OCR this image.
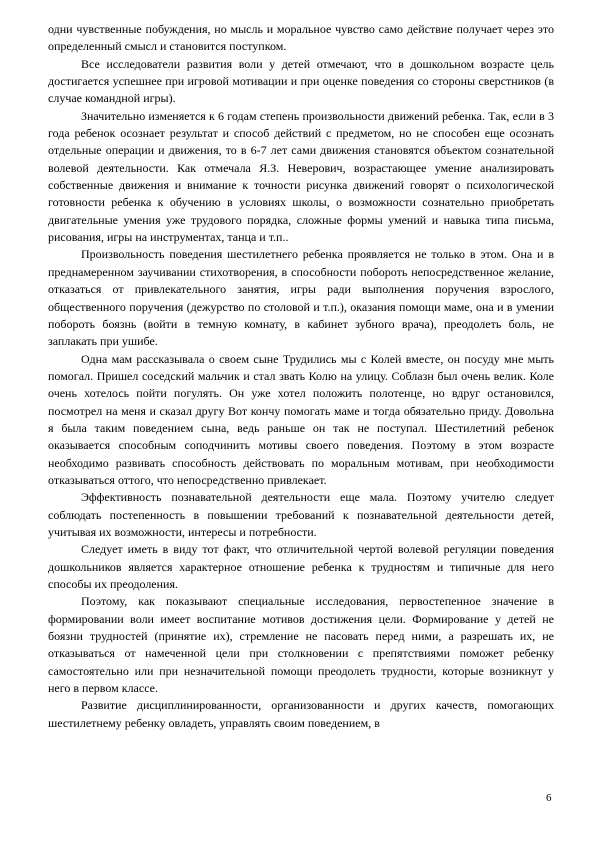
одни чувственные побуждения, но мысль и моральное чувство само действие получает через это определенный смысл и становится поступком.

Все исследователи развития воли у детей отмечают, что в дошкольном возрасте цель достигается успешнее при игровой мотивации и при оценке поведения со стороны сверстников (в случае командной игры).

Значительно изменяется к 6 годам степень произвольности движений ребенка. Так, если в 3 года ребенок осознает результат и способ действий с предметом, но не способен еще осознать отдельные операции и движения, то в 6-7 лет сами движения становятся объектом сознательной волевой деятельности. Как отмечала Я.З. Неверович, возрастающее умение анализировать собственные движения и внимание к точности рисунка движений говорят о психологической готовности ребенка к обучению в условиях школы, о возможности сознательно приобретать двигательные умения уже трудового порядка, сложные формы умений и навыка типа письма, рисования, игры на инструментах, танца и т.п..

Произвольность поведения шестилетнего ребенка проявляется не только в этом. Она и в преднамеренном заучивании стихотворения, в способности побороть непосредственное желание, отказаться от привлекательного занятия, игры ради выполнения поручения взрослого, общественного поручения (дежурство по столовой и т.п.), оказания помощи маме, она и в умении побороть боязнь (войти в темную комнату, в кабинет зубного врача), преодолеть боль, не заплакать при ушибе.

Одна мам рассказывала о своем сыне Трудились мы с Колей вместе, он посуду мне мыть помогал. Пришел соседский мальчик и стал звать Колю на улицу. Соблазн был очень велик. Коле очень хотелось пойти погулять. Он уже хотел положить полотенце, но вдруг остановился, посмотрел на меня и сказал другу Вот кончу помогать маме и тогда обязательно приду. Довольна я была таким поведением сына, ведь раньше он так не поступал. Шестилетний ребенок оказывается способным соподчинить мотивы своего поведения. Поэтому в этом возрасте необходимо развивать способность действовать по моральным мотивам, при необходимости отказываться оттого, что непосредственно привлекает.

Эффективность познавательной деятельности еще мала. Поэтому учителю следует соблюдать постепенность в повышении требований к познавательной деятельности детей, учитывая их возможности, интересы и потребности.

Следует иметь в виду тот факт, что отличительной чертой волевой регуляции поведения дошкольников является характерное отношение ребенка к трудностям и типичные для него способы их преодоления.

Поэтому, как показывают специальные исследования, первостепенное значение в формировании воли имеет воспитание мотивов достижения цели. Формирование у детей не боязни трудностей (принятие их), стремление не пасовать перед ними, а разрешать их, не отказываться от намеченной цели при столкновении с препятствиями поможет ребенку самостоятельно или при незначительной помощи преодолеть трудности, которые возникнут у него в первом классе.

Развитие дисциплинированности, организованности и других качеств, помогающих шестилетнему ребенку овладеть, управлять своим поведением, в

6
